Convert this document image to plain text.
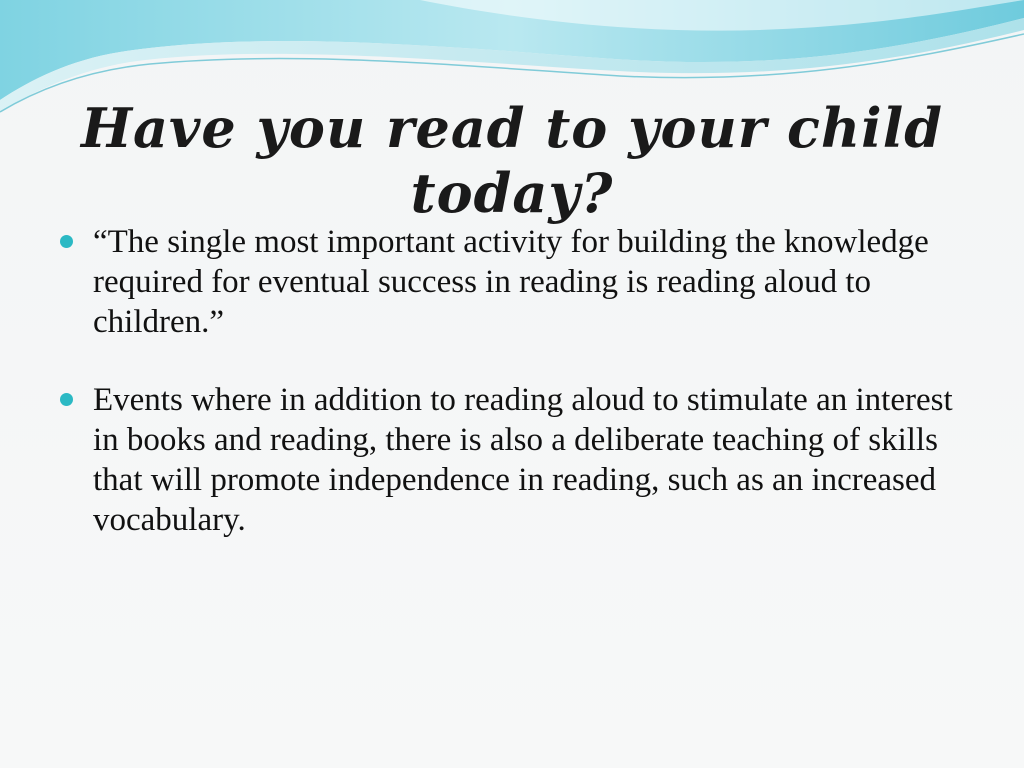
Have you read to your child today?
“The single most important activity for building the knowledge required for eventual success in reading is reading aloud to children.”
Events where in addition to reading aloud to stimulate an interest in books and reading, there is also a deliberate teaching of skills that will promote independence in reading, such as an increased vocabulary.
